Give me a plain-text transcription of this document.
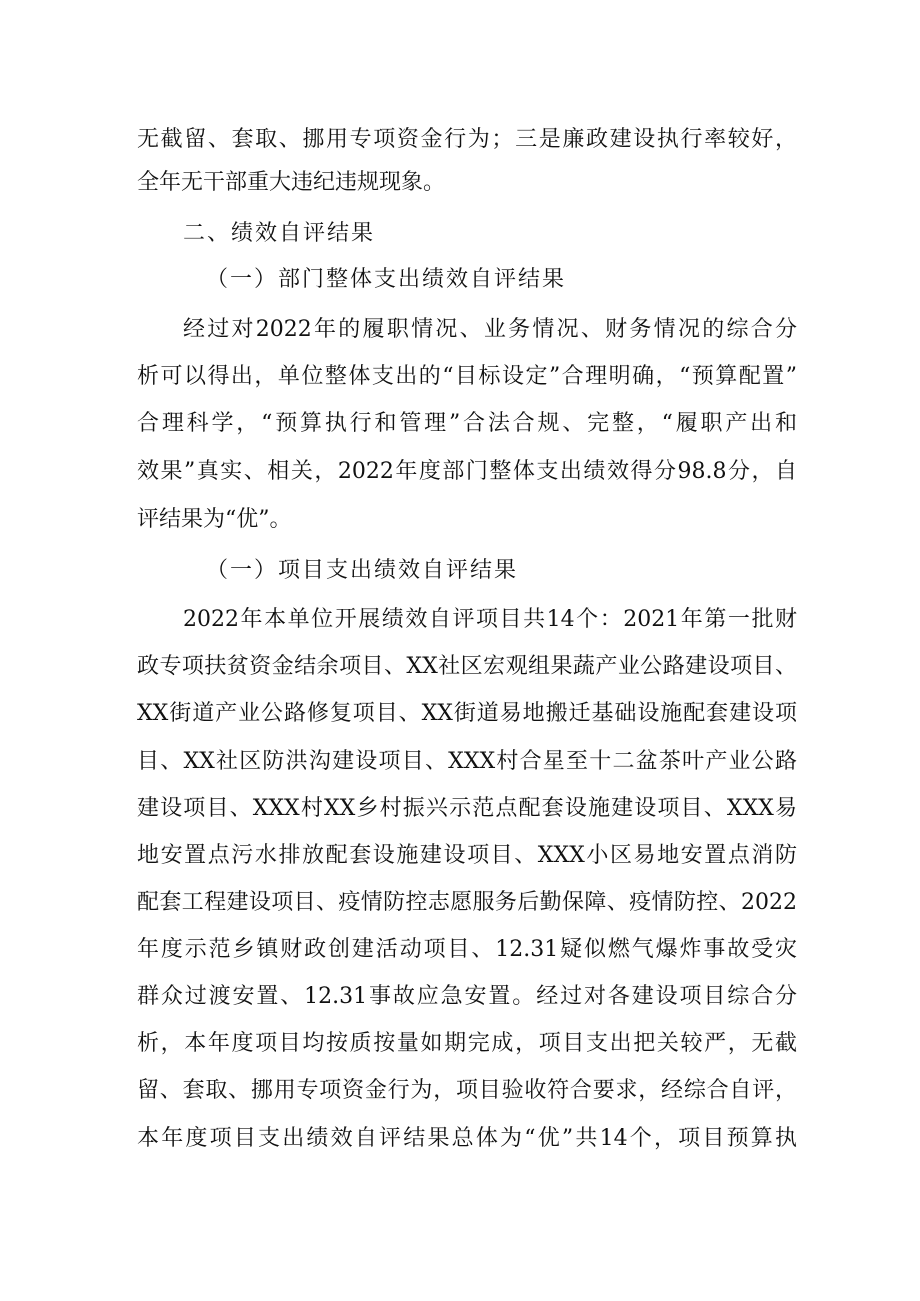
无截留、套取、挪用专项资金行为；三是廉政建设执行率较好，
全年无干部重大违纪违规现象。
二、绩效自评结果
（一）部门整体支出绩效自评结果
经过对2022年的履职情况、业务情况、财务情况的综合分
析可以得出，单位整体支出的“目标设定”合理明确，“预算配置”
合理科学，“预算执行和管理”合法合规、完整，“履职产出和
效果”真实、相关，2022年度部门整体支出绩效得分98.8分，自
评结果为“优”。
（一）项目支出绩效自评结果
2022年本单位开展绩效自评项目共14个：2021年第一批财
政专项扶贫资金结余项目、XX社区宏观组果蔬产业公路建设项目、
XX街道产业公路修复项目、XX街道易地搬迁基础设施配套建设项
目、XX社区防洪沟建设项目、XXX村合星至十二盆茶叶产业公路
建设项目、XXX村XX乡村振兴示范点配套设施建设项目、XXX易
地安置点污水排放配套设施建设项目、XXX小区易地安置点消防
配套工程建设项目、疫情防控志愿服务后勤保障、疫情防控、2022
年度示范乡镇财政创建活动项目、12.31疑似燃气爆炸事故受灾
群众过渡安置、12.31事故应急安置。经过对各建设项目综合分
析，本年度项目均按质按量如期完成，项目支出把关较严，无截
留、套取、挪用专项资金行为，项目验收符合要求，经综合自评，
本年度项目支出绩效自评结果总体为“优”共14个，项目预算执
